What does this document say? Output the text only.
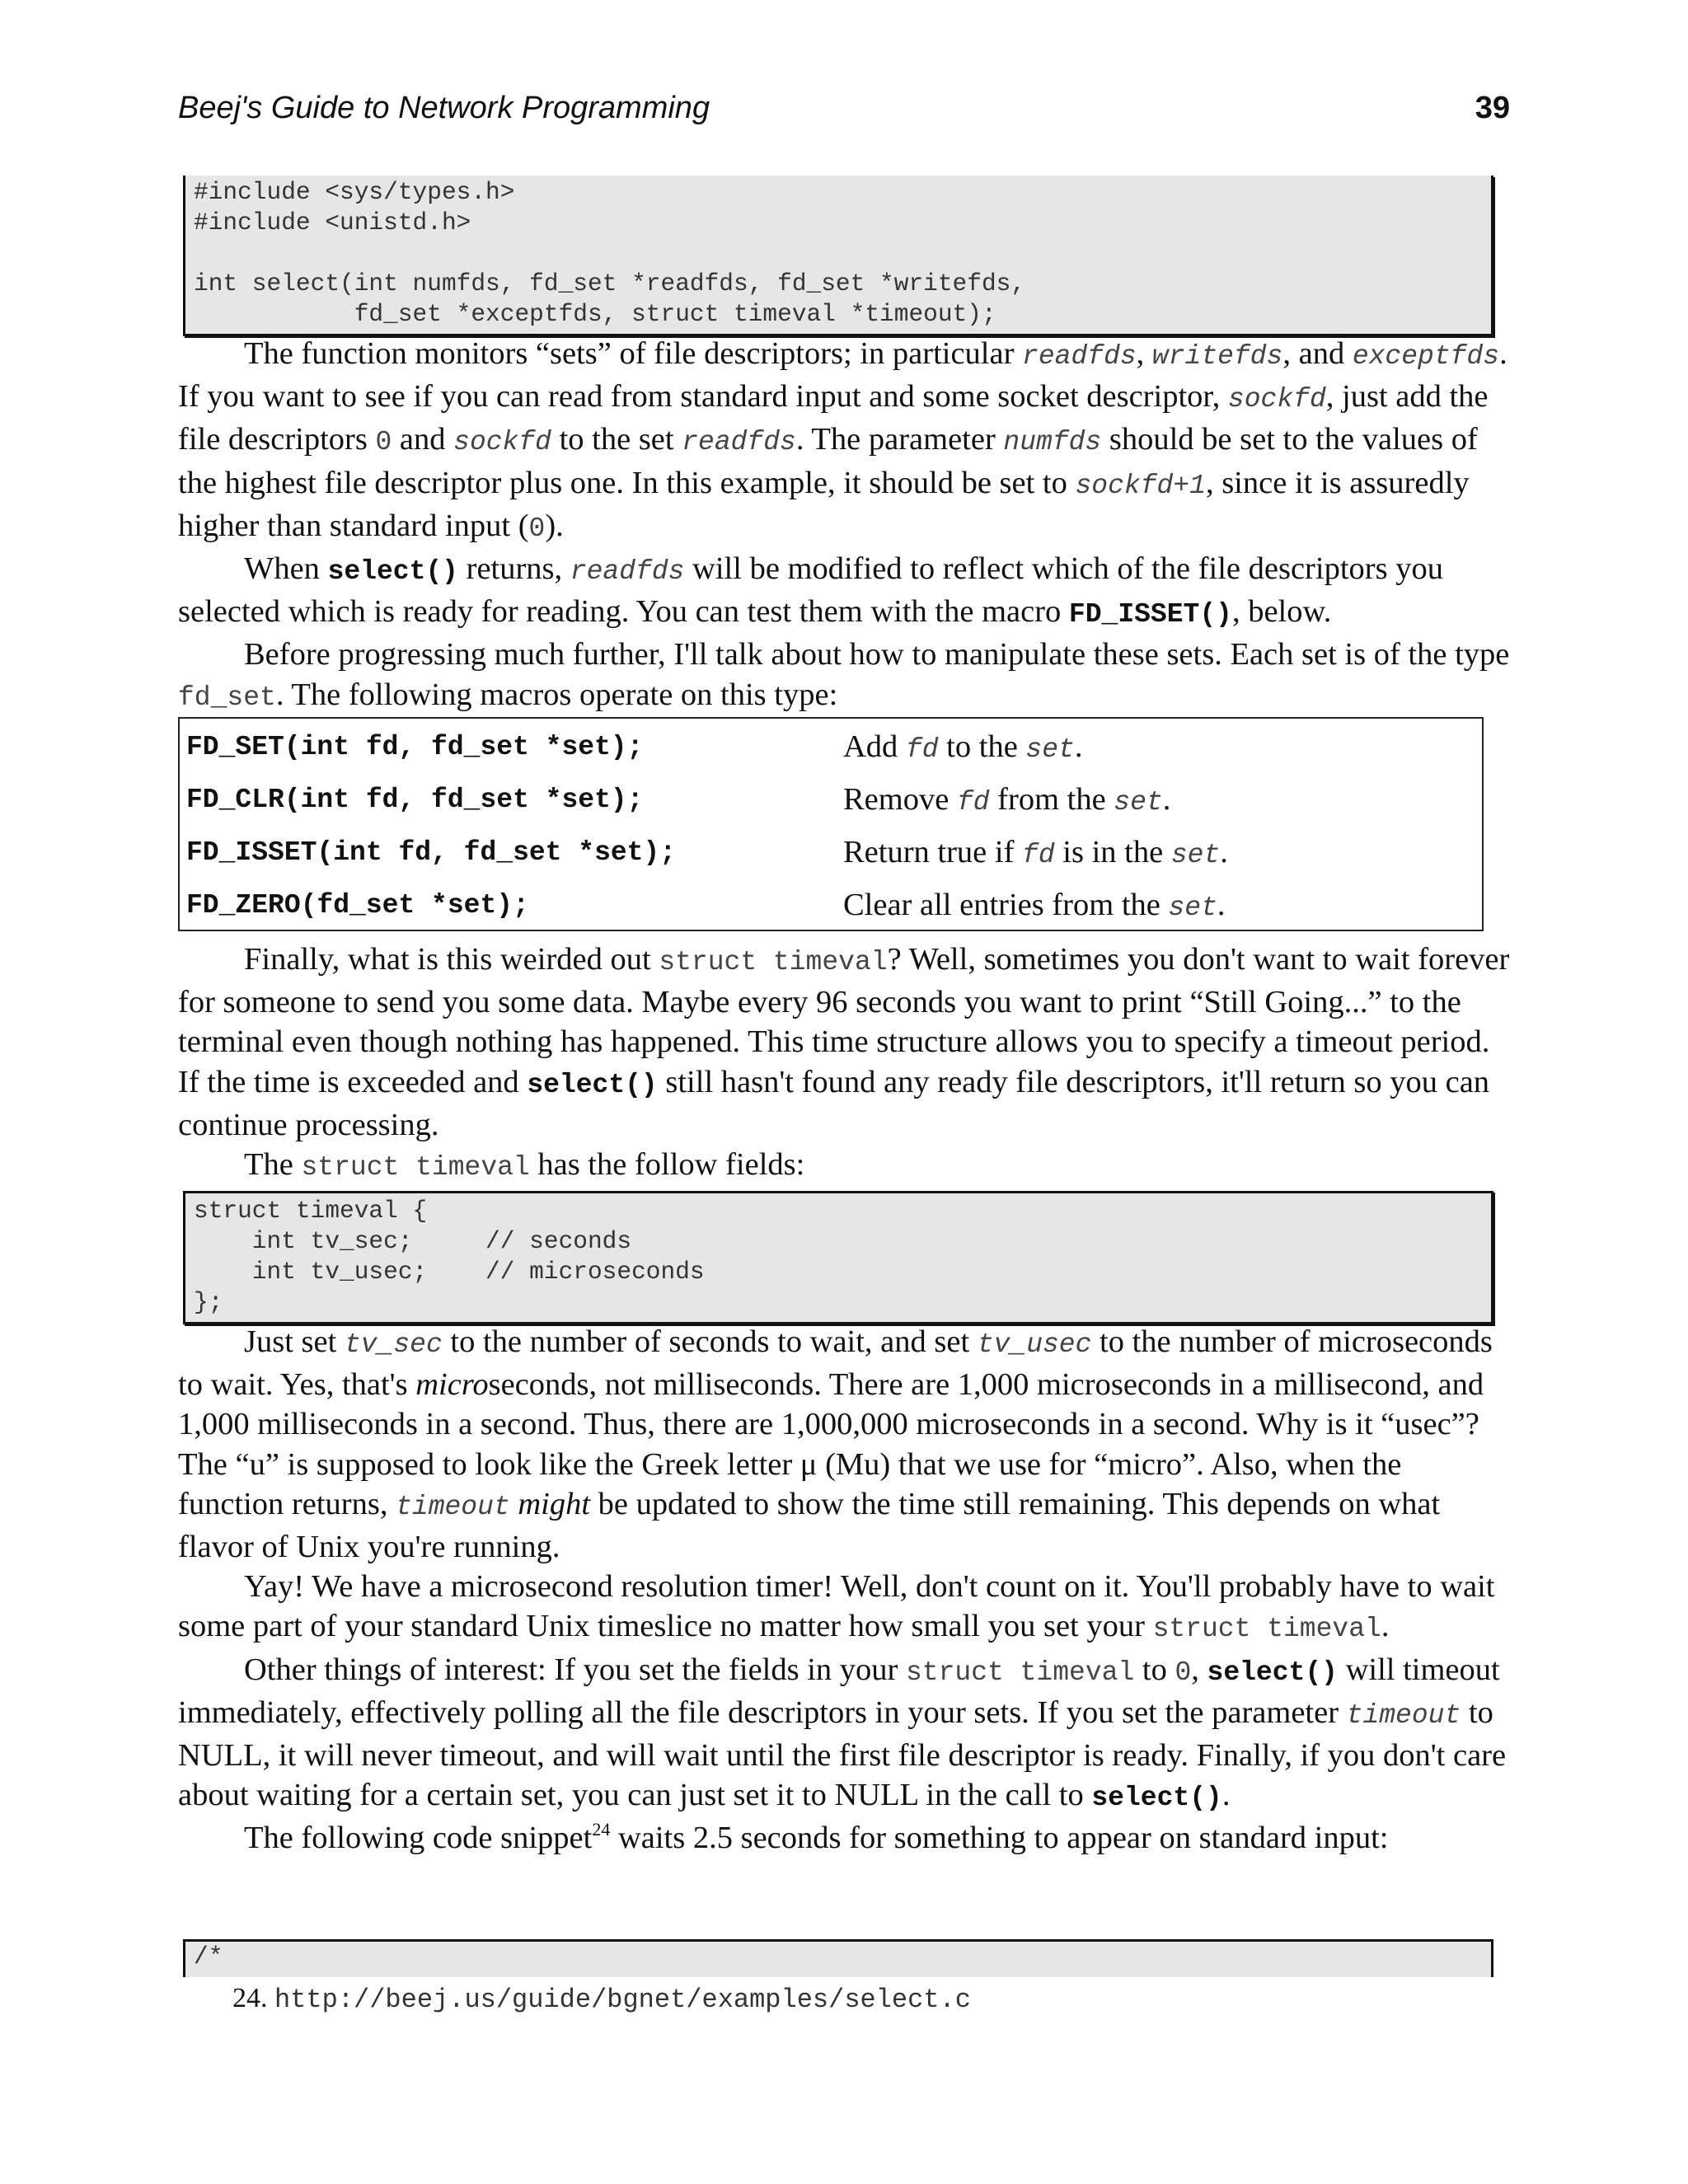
Beej's Guide to Network Programming	39
#include <sys/types.h>
#include <unistd.h>

int select(int numfds, fd_set *readfds, fd_set *writefds,
fd_set *exceptfds, struct timeval *timeout);

The function monitors “sets” of file descriptors; in particular readfds, writefds, and exceptfds. If you want to see if you can read from standard input and some socket descriptor, sockfd, just add the file descriptors 0 and sockfd to the set readfds. The parameter numfds should be set to the values of the highest file descriptor plus one. In this example, it should be set to sockfd+1, since it is assuredly higher than standard input (0).

When select() returns, readfds will be modified to reflect which of the file descriptors you selected which is ready for reading. You can test them with the macro FD_ISSET(), below.

Before progressing much further, I'll talk about how to manipulate these sets. Each set is of the type fd_set. The following macros operate on this type:

FD_SET(int fd, fd_set *set);	Add fd to the set.
FD_CLR(int fd, fd_set *set);	Remove fd from the set.
FD_ISSET(int fd, fd_set *set);	Return true if fd is in the set.
FD_ZERO(fd_set *set);	Clear all entries from the set.

Finally, what is this weirded out struct timeval? Well, sometimes you don't want to wait forever for someone to send you some data. Maybe every 96 seconds you want to print “Still Going...” to the terminal even though nothing has happened. This time structure allows you to specify a timeout period. If the time is exceeded and select() still hasn't found any ready file descriptors, it'll return so you can continue processing.

The struct timeval has the follow fields:

struct timeval {
int tv_sec;     // seconds
int tv_usec;    // microseconds
};

Just set tv_sec to the number of seconds to wait, and set tv_usec to the number of microseconds to wait. Yes, that's microseconds, not milliseconds. There are 1,000 microseconds in a millisecond, and 1,000 milliseconds in a second. Thus, there are 1,000,000 microseconds in a second. Why is it “usec”? The “u” is supposed to look like the Greek letter μ (Mu) that we use for “micro”. Also, when the function returns, timeout might be updated to show the time still remaining. This depends on what flavor of Unix you're running.

Yay! We have a microsecond resolution timer! Well, don't count on it. You'll probably have to wait some part of your standard Unix timeslice no matter how small you set your struct timeval.

Other things of interest: If you set the fields in your struct timeval to 0, select() will timeout immediately, effectively polling all the file descriptors in your sets. If you set the parameter timeout to NULL, it will never timeout, and will wait until the first file descriptor is ready. Finally, if you don't care about waiting for a certain set, you can just set it to NULL in the call to select().

The following code snippet$^{24}$ waits 2.5 seconds for something to appear on standard input:

/*
24. http://beej.us/guide/bgnet/examples/select.c
